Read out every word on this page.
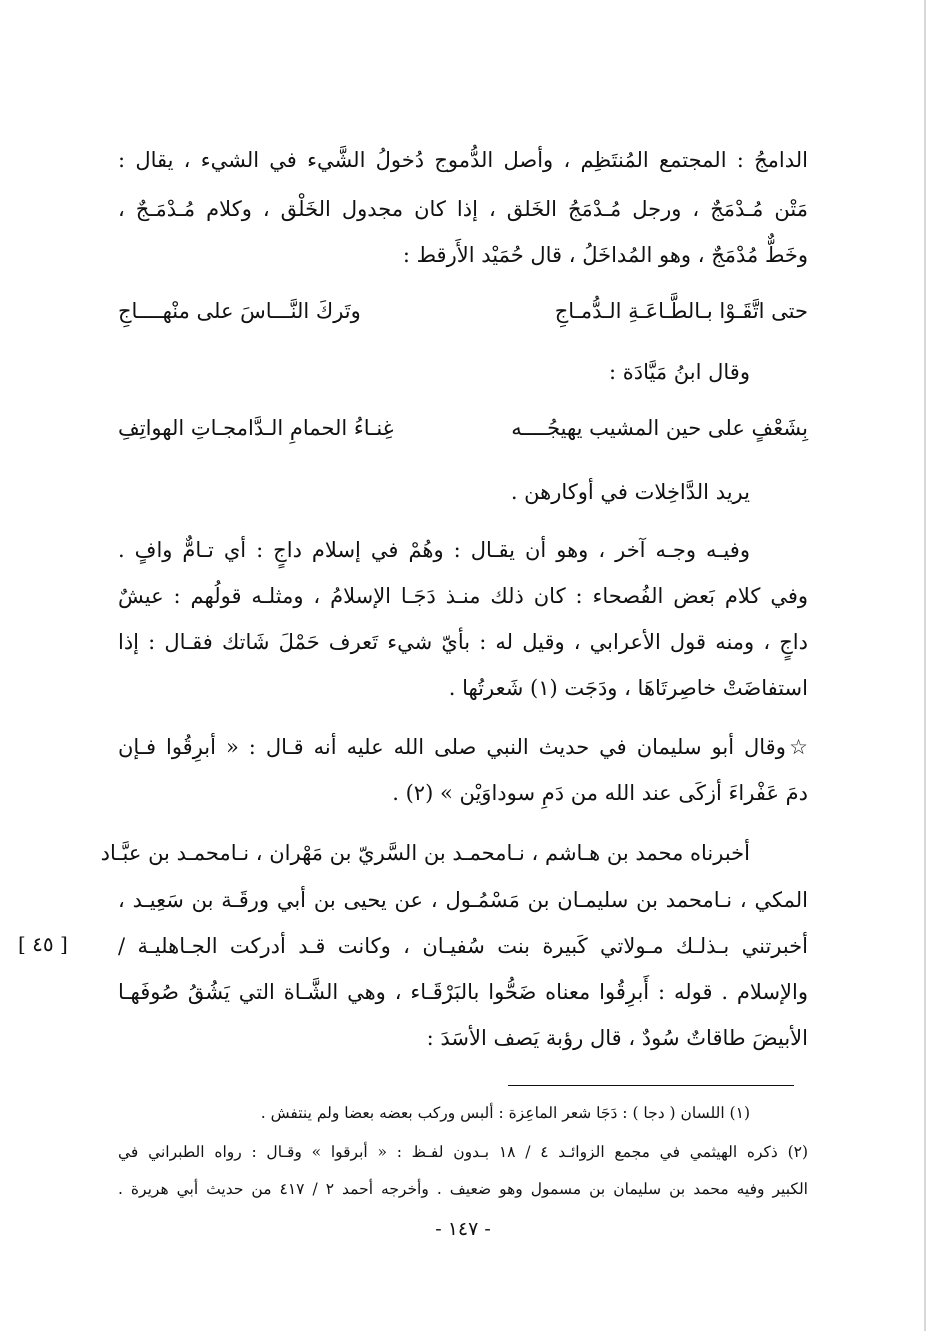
الدامجُ : المجتمع المُنتَظِم ، وأصل الدُّموج دُخولُ الشَّيء في الشيء ، يقال :
مَتْن مُـدْمَجٌ ، ورجل مُـدْمَجُ الخَلق ، إذا كان مجدول الخَلْق ، وكلام مُـدْمَـجٌ ،
وخَطٌّ مُدْمَجٌ ، وهو المُداخَلُ ، قال حُمَيْد الأَرقط :
حتى اتَّقَـوْا بـالطَّـاعَـةِ الـدُّمـاجِ
وتَركَ النَّـــاسَ على منْهــــاجِ
وقال ابنُ مَيَّادَة :
بِشَعْفٍ على حين المشيب يهيجُــــه
غِنـاءُ الحمامِ الـدَّامجـاتِ الهواتِفِ
يريد الدَّاخِلات في أوكارهن .
وفيـه وجـه آخر ، وهو أن يقـال : وهُمْ في إسلام داجٍ : أي تـامٌّ وافٍ .
وفي كلام بَعض الفُصحاء : كان ذلك منـذ دَجَـا الإسلامُ ، ومثلـه قولُهم : عيشٌ
داجٍ ، ومنه قول الأعرابي ، وقيل له : بأيّ شيء تَعرف حَمْلَ شَاتك فقـال : إذا
استفاضَتْ خاصِرتَاهَا ، ودَجَت (١) شَعرتُها .
☆وقال أبو سليمان في حديث النبي صلى الله عليه أنه قـال : « أبرِقُوا فـإن
دمَ عَفْراءَ أزكَى عند الله من دَمِ سوداوَيْن » (٢) .
أخبرناه محمد بن هـاشم ، نـامحمـد بن السَّريّ بن مَهْران ، نـامحمـد بن عبَّـاد
المكي ، نـامحمد بن سليمـان بن مَسْمُـول ، عن يحيى بن أبي ورقَـة بن سَعِيـد ،
أخبرتني بـذلـك مـولاتي كَبيرة بنت سُفيـان ، وكانت قـد أدركت الجـاهليـة /
والإسلام . قوله : أَبرِقُوا معناه ضَحُّوا بالبَرْقَـاء ، وهي الشَّـاة التي يَشُقُ صُوفَهـا
الأبيضَ طاقاتٌ سُودٌ ، قال رؤبة يَصف الأسَدَ :
[ ٤٥ ]
(١) اللسان ( دجا ) : دَجَا شعر الماعِزة : ألبس وركب بعضه بعضا ولم ينتفش .
(٢) ذكره الهيثمي في مجمع الزوائـد ٤ / ١٨ بـدون لفـظ : « أبرقوا » وقـال : رواه الطبراني في
الكبير وفيه محمد بن سليمان بن مسمول وهو ضعيف . وأخرجه أحمد ٢ / ٤١٧ من حديث أبي هريرة .
- ١٤٧ -
